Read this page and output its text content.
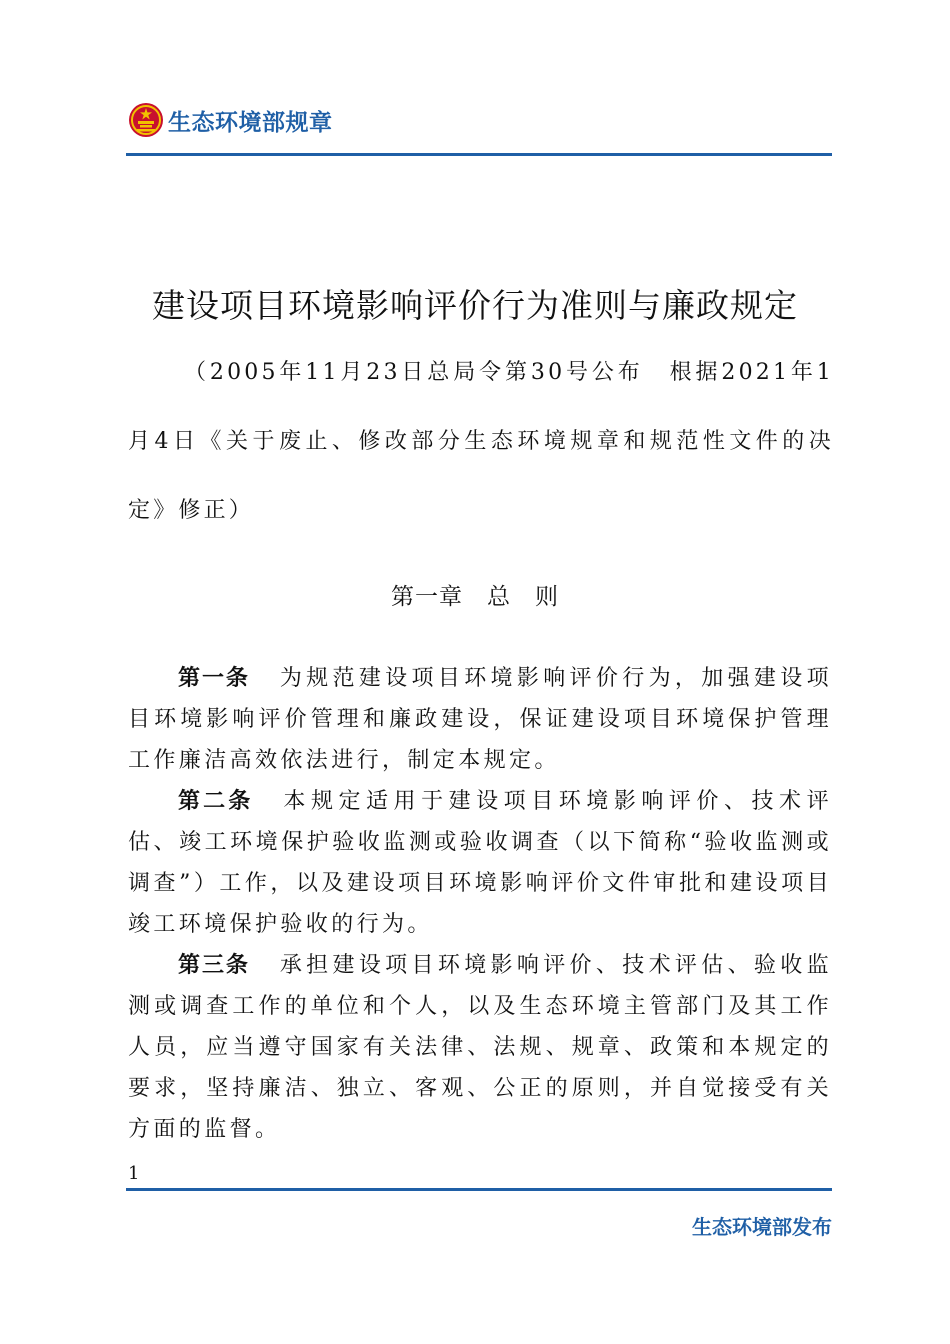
生态环境部规章
建设项目环境影响评价行为准则与廉政规定
（2005年11月23日总局令第30号公布　根据2021年1月4日《关于废止、修改部分生态环境规章和规范性文件的决定》修正）
第一章　总　则

第一条 为规范建设项目环境影响评价行为，加强建设项目环境影响评价管理和廉政建设，保证建设项目环境保护管理工作廉洁高效依法进行，制定本规定。

第二条 本规定适用于建设项目环境影响评价、技术评估、竣工环境保护验收监测或验收调查（以下简称“验收监测或调查”）工作，以及建设项目环境影响评价文件审批和建设项目竣工环境保护验收的行为。

第三条 承担建设项目环境影响评价、技术评估、验收监测或调查工作的单位和个人，以及生态环境主管部门及其工作人员，应当遵守国家有关法律、法规、规章、政策和本规定的要求，坚持廉洁、独立、客观、公正的原则，并自觉接受有关方面的监督。

1
生态环境部发布
